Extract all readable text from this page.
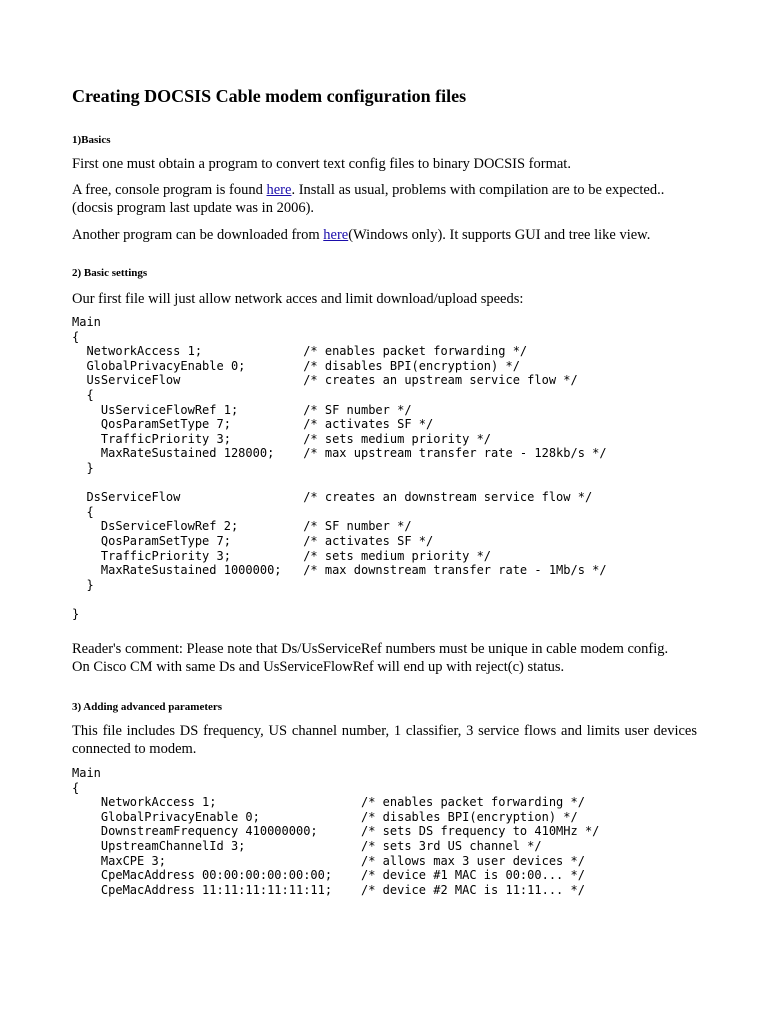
Creating DOCSIS Cable modem configuration files
1)Basics

First one must obtain a program to convert text config files to binary DOCSIS format.

A free, console program is found here. Install as usual, problems with compilation are to be expected..
(docsis program last update was in 2006).

Another program can be downloaded from here(Windows only). It supports GUI and tree like view.

2) Basic settings

Our first file will just allow network acces and limit download/upload speeds:

Main
{
NetworkAccess 1;              /* enables packet forwarding */
GlobalPrivacyEnable 0;        /* disables BPI(encryption) */
UsServiceFlow                 /* creates an upstream service flow */
{
UsServiceFlowRef 1;         /* SF number */
QosParamSetType 7;          /* activates SF */
TrafficPriority 3;          /* sets medium priority */
MaxRateSustained 128000;    /* max upstream transfer rate - 128kb/s */
}

DsServiceFlow                 /* creates an downstream service flow */
{
DsServiceFlowRef 2;         /* SF number */
QosParamSetType 7;          /* activates SF */
TrafficPriority 3;          /* sets medium priority */
MaxRateSustained 1000000;   /* max downstream transfer rate - 1Mb/s */
}

}

Reader's comment: Please note that Ds/UsServiceRef numbers must be unique in cable modem config.
On Cisco CM with same Ds and UsServiceFlowRef will end up with reject(c) status.

3) Adding advanced parameters

This file includes DS frequency, US channel number, 1 classifier, 3 service flows and limits user devices connected to modem.

Main
{
NetworkAccess 1;                    /* enables packet forwarding */
GlobalPrivacyEnable 0;              /* disables BPI(encryption) */
DownstreamFrequency 410000000;      /* sets DS frequency to 410MHz */
UpstreamChannelId 3;                /* sets 3rd US channel */
MaxCPE 3;                           /* allows max 3 user devices */
CpeMacAddress 00:00:00:00:00:00;    /* device #1 MAC is 00:00... */
CpeMacAddress 11:11:11:11:11:11;    /* device #2 MAC is 11:11... */
